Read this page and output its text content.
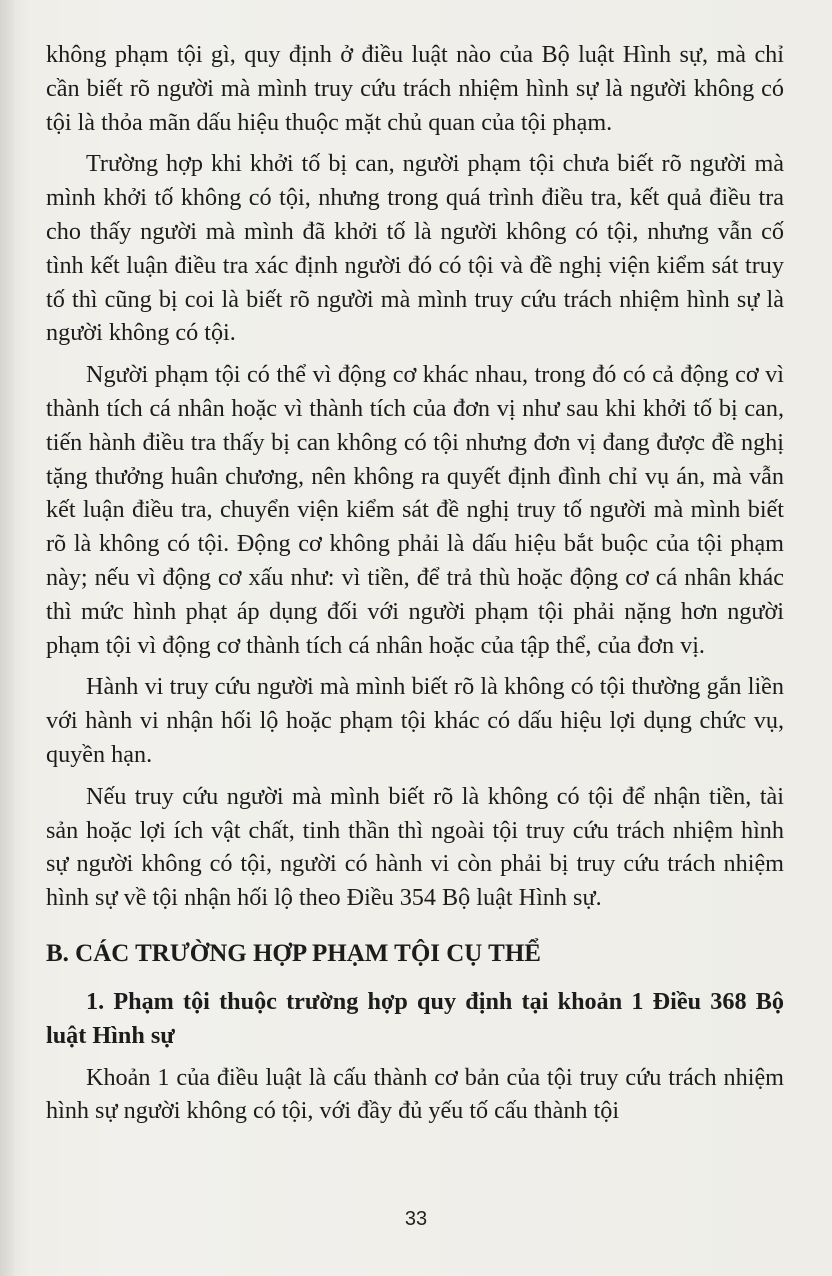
không phạm tội gì, quy định ở điều luật nào của Bộ luật Hình sự, mà chỉ cần biết rõ người mà mình truy cứu trách nhiệm hình sự là người không có tội là thỏa mãn dấu hiệu thuộc mặt chủ quan của tội phạm.

Trường hợp khi khởi tố bị can, người phạm tội chưa biết rõ người mà mình khởi tố không có tội, nhưng trong quá trình điều tra, kết quả điều tra cho thấy người mà mình đã khởi tố là người không có tội, nhưng vẫn cố tình kết luận điều tra xác định người đó có tội và đề nghị viện kiểm sát truy tố thì cũng bị coi là biết rõ người mà mình truy cứu trách nhiệm hình sự là người không có tội.

Người phạm tội có thể vì động cơ khác nhau, trong đó có cả động cơ vì thành tích cá nhân hoặc vì thành tích của đơn vị như sau khi khởi tố bị can, tiến hành điều tra thấy bị can không có tội nhưng đơn vị đang được đề nghị tặng thưởng huân chương, nên không ra quyết định đình chỉ vụ án, mà vẫn kết luận điều tra, chuyển viện kiểm sát đề nghị truy tố người mà mình biết rõ là không có tội. Động cơ không phải là dấu hiệu bắt buộc của tội phạm này; nếu vì động cơ xấu như: vì tiền, để trả thù hoặc động cơ cá nhân khác thì mức hình phạt áp dụng đối với người phạm tội phải nặng hơn người phạm tội vì động cơ thành tích cá nhân hoặc của tập thể, của đơn vị.

Hành vi truy cứu người mà mình biết rõ là không có tội thường gắn liền với hành vi nhận hối lộ hoặc phạm tội khác có dấu hiệu lợi dụng chức vụ, quyền hạn.

Nếu truy cứu người mà mình biết rõ là không có tội để nhận tiền, tài sản hoặc lợi ích vật chất, tinh thần thì ngoài tội truy cứu trách nhiệm hình sự người không có tội, người có hành vi còn phải bị truy cứu trách nhiệm hình sự về tội nhận hối lộ theo Điều 354 Bộ luật Hình sự.

B. CÁC TRƯỜNG HỢP PHẠM TỘI CỤ THỂ
1. Phạm tội thuộc trường hợp quy định tại khoản 1 Điều 368 Bộ luật Hình sự

Khoản 1 của điều luật là cấu thành cơ bản của tội truy cứu trách nhiệm hình sự người không có tội, với đầy đủ yếu tố cấu thành tội

33
